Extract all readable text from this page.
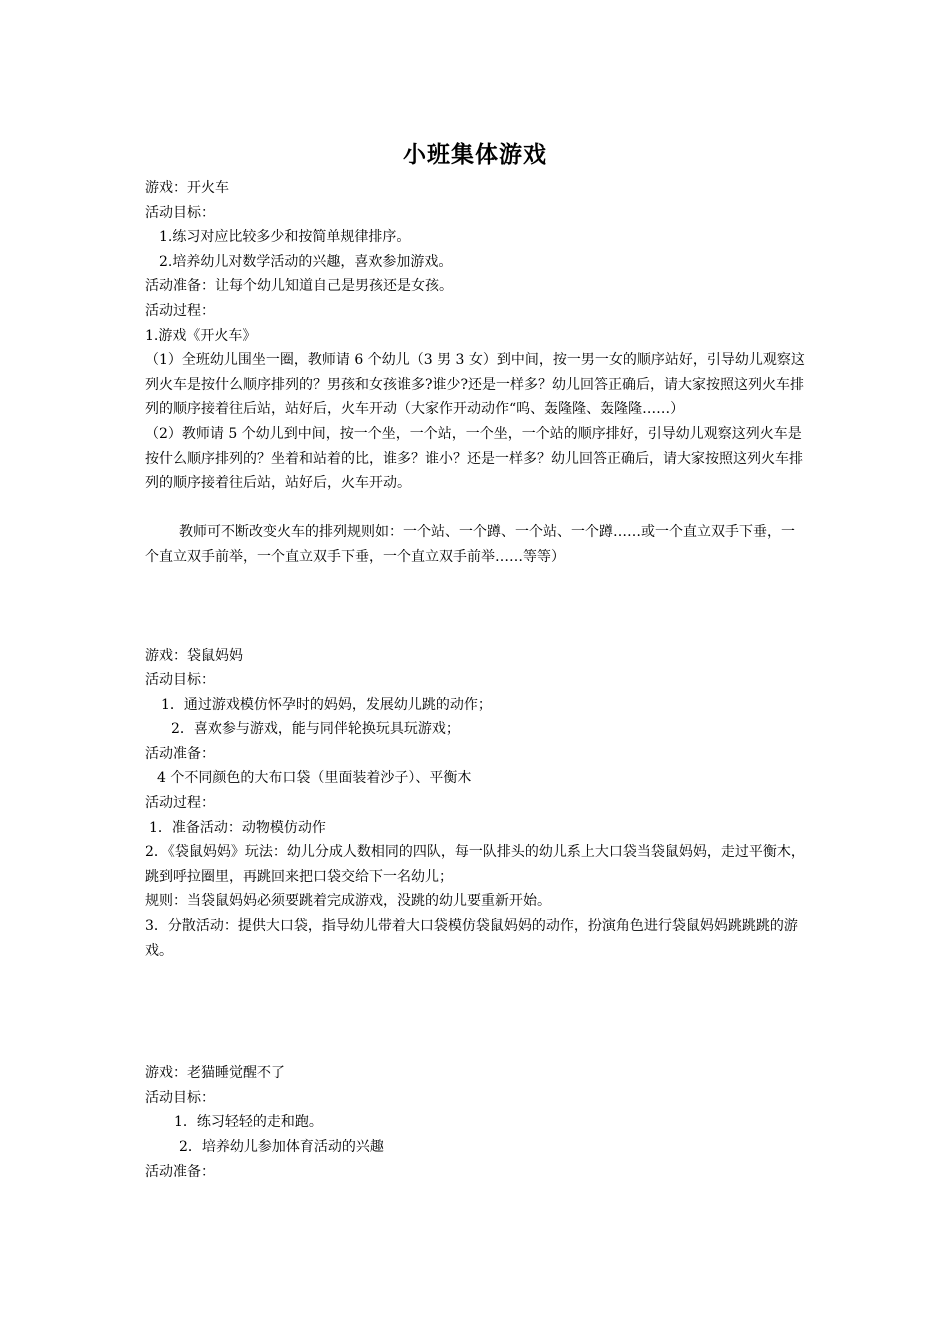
小班集体游戏

游戏：开火车

活动目标：

1.练习对应比较多少和按简单规律排序。

2.培养幼儿对数学活动的兴趣，喜欢参加游戏。

活动准备：让每个幼儿知道自己是男孩还是女孩。

活动过程：

1.游戏《开火车》

（1）全班幼儿围坐一圈，教师请 6 个幼儿（3 男 3 女）到中间，按一男一女的顺序站好，引导幼儿观察这列火车是按什么顺序排列的？男孩和女孩谁多?谁少?还是一样多？幼儿回答正确后，请大家按照这列火车排列的顺序接着往后站，站好后，火车开动（大家作开动动作“呜、轰隆隆、轰隆隆……）

（2）教师请 5 个幼儿到中间，按一个坐，一个站，一个坐，一个站的顺序排好，引导幼儿观察这列火车是按什么顺序排列的？坐着和站着的比，谁多？谁小？还是一样多？幼儿回答正确后，请大家按照这列火车排列的顺序接着往后站，站好后，火车开动。

教师可不断改变火车的排列规则如：一个站、一个蹲、一个站、一个蹲……或一个直立双手下垂，一个直立双手前举，一个直立双手下垂，一个直立双手前举……等等）

游戏：袋鼠妈妈

活动目标：

1．通过游戏模仿怀孕时的妈妈，发展幼儿跳的动作；

2．喜欢参与游戏，能与同伴轮换玩具玩游戏；

活动准备：

4 个不同颜色的大布口袋（里面装着沙子）、平衡木

活动过程：

1．准备活动：动物模仿动作

2．《袋鼠妈妈》玩法：幼儿分成人数相同的四队，每一队排头的幼儿系上大口袋当袋鼠妈妈，走过平衡木，跳到呼拉圈里，再跳回来把口袋交给下一名幼儿；

规则：当袋鼠妈妈必须要跳着完成游戏，没跳的幼儿要重新开始。

3．分散活动：提供大口袋，指导幼儿带着大口袋模仿袋鼠妈妈的动作，扮演角色进行袋鼠妈妈跳跳跳的游戏。

游戏：老猫睡觉醒不了

活动目标：

1．练习轻轻的走和跑。

2．培养幼儿参加体育活动的兴趣

活动准备：
